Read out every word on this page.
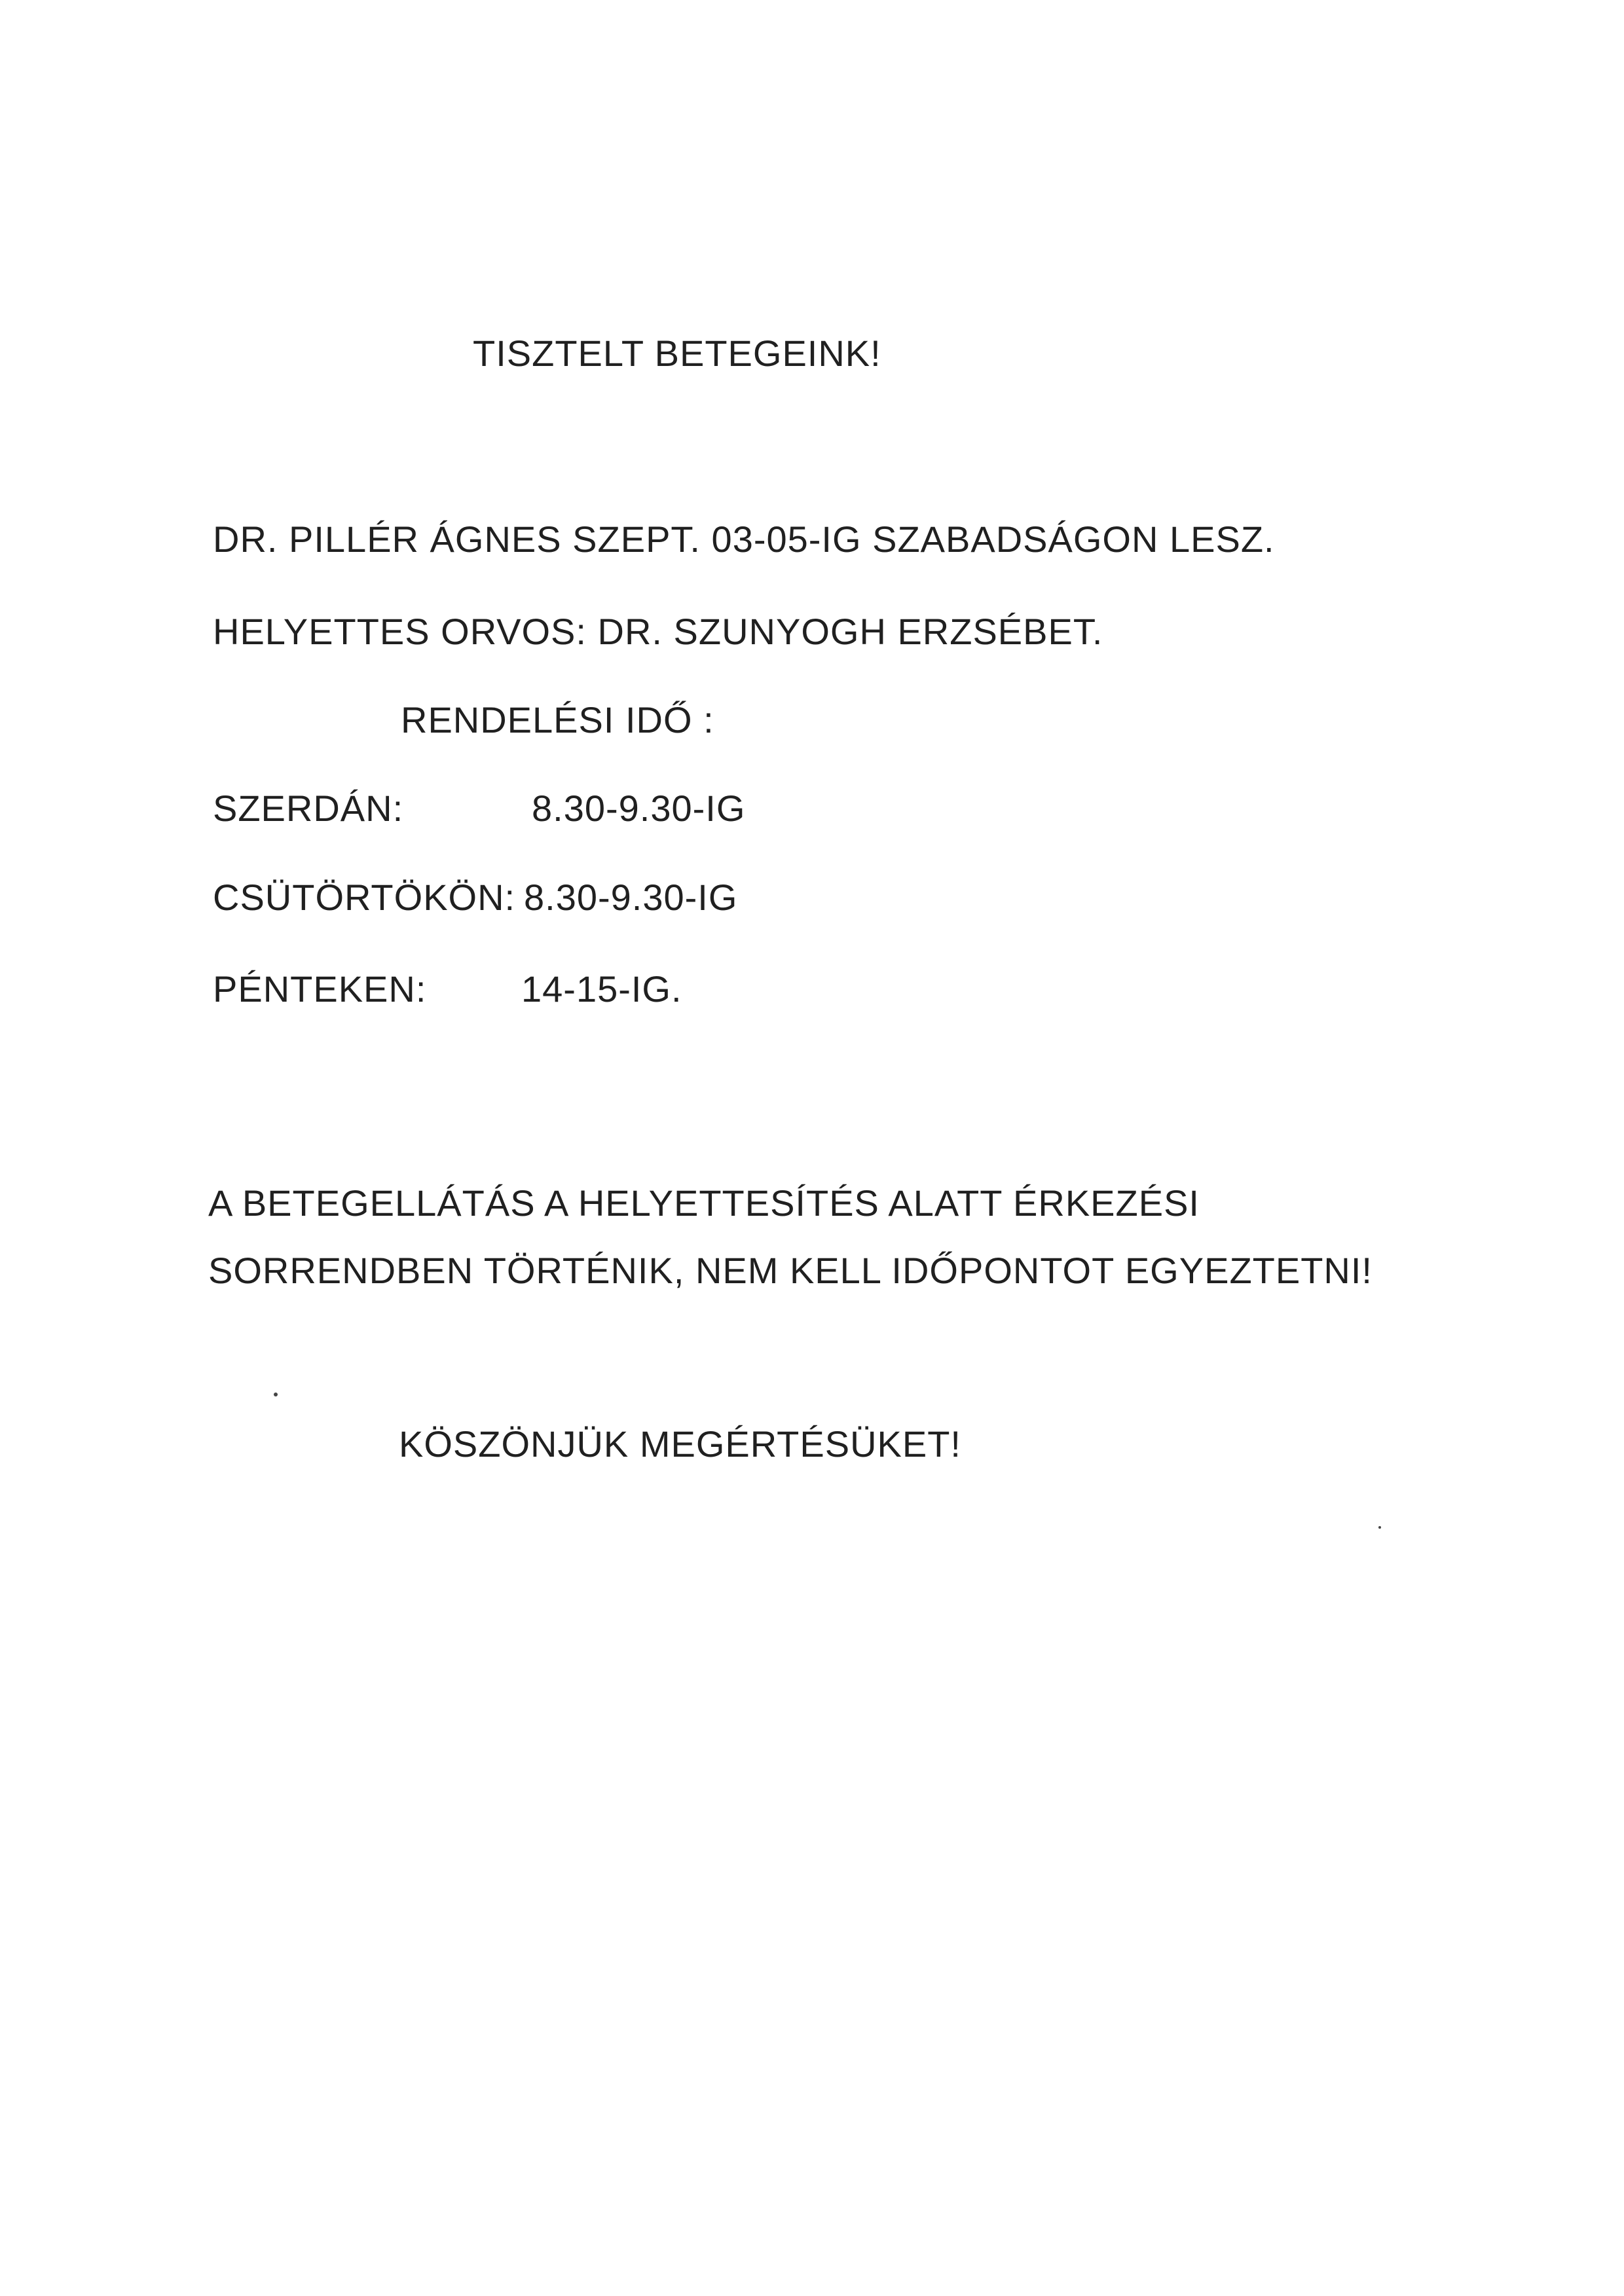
TISZTELT BETEGEINK!
DR. PILLÉR ÁGNES SZEPT. 03-05-IG SZABADSÁGON LESZ.
HELYETTES ORVOS: DR. SZUNYOGH ERZSÉBET.
RENDELÉSI IDŐ :
SZERDÁN:	8.30-9.30-IG
CSÜTÖRTÖKÖN: 8.30-9.30-IG
PÉNTEKEN:	14-15-IG.
A BETEGELLÁTÁS A HELYETTESÍTÉS ALATT ÉRKEZÉSI
SORRENDBEN TÖRTÉNIK, NEM KELL IDŐPONTOT EGYEZTETNI!
KÖSZÖNJÜK MEGÉRTÉSÜKET!
